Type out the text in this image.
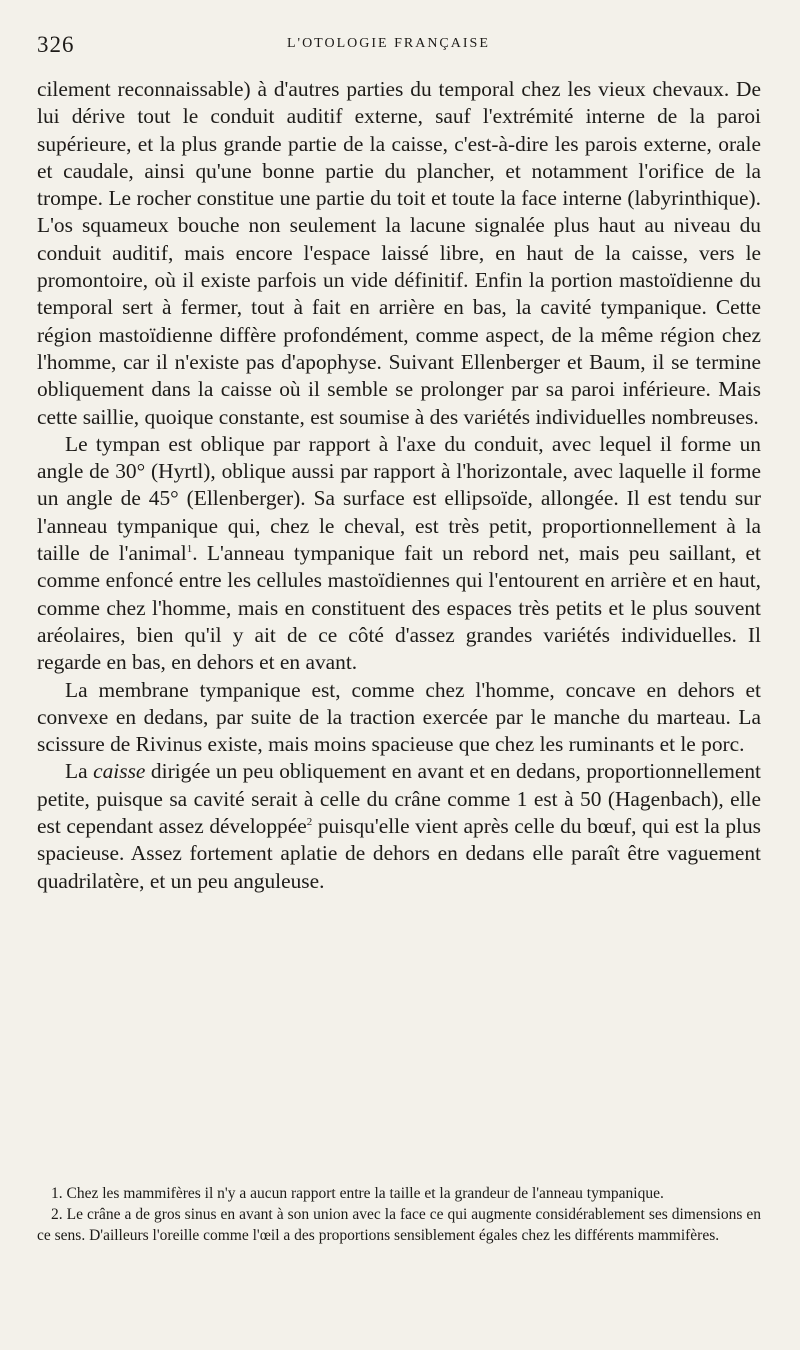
326	L'OTOLOGIE FRANÇAISE

cilement reconnaissable) à d'autres parties du temporal chez les vieux chevaux. De lui dérive tout le conduit auditif externe, sauf l'extrémité interne de la paroi supérieure, et la plus grande partie de la caisse, c'est-à-dire les parois externe, orale et caudale, ainsi qu'une bonne partie du plancher, et notamment l'orifice de la trompe. Le rocher constitue une partie du toit et toute la face interne (labyrinthique). L'os squameux bouche non seulement la lacune signalée plus haut au niveau du conduit auditif, mais encore l'espace laissé libre, en haut de la caisse, vers le promontoire, où il existe parfois un vide définitif. Enfin la portion mastoïdienne du temporal sert à fermer, tout à fait en arrière en bas, la cavité tympanique. Cette région mastoïdienne diffère profondément, comme aspect, de la même région chez l'homme, car il n'existe pas d'apophyse. Suivant Ellenberger et Baum, il se termine obliquement dans la caisse où il semble se prolonger par sa paroi inférieure. Mais cette saillie, quoique constante, est soumise à des variétés individuelles nombreuses.

Le tympan est oblique par rapport à l'axe du conduit, avec lequel il forme un angle de 30° (Hyrtl), oblique aussi par rapport à l'horizontale, avec laquelle il forme un angle de 45° (Ellenberger). Sa surface est ellipsoïde, allongée. Il est tendu sur l'anneau tympanique qui, chez le cheval, est très petit, proportionnellement à la taille de l'animal$^1$. L'anneau tympanique fait un rebord net, mais peu saillant, et comme enfoncé entre les cellules mastoïdiennes qui l'entourent en arrière et en haut, comme chez l'homme, mais en constituent des espaces très petits et le plus souvent aréolaires, bien qu'il y ait de ce côté d'assez grandes variétés individuelles. Il regarde en bas, en dehors et en avant.

La membrane tympanique est, comme chez l'homme, concave en dehors et convexe en dedans, par suite de la traction exercée par le manche du marteau. La scissure de Rivinus existe, mais moins spacieuse que chez les ruminants et le porc.

La caisse dirigée un peu obliquement en avant et en dedans, proportionnellement petite, puisque sa cavité serait à celle du crâne comme 1 est à 50 (Hagenbach), elle est cependant assez développée$^2$ puisqu'elle vient après celle du bœuf, qui est la plus spacieuse. Assez fortement aplatie de dehors en dedans elle paraît être vaguement quadrilatère, et un peu anguleuse.

1. Chez les mammifères il n'y a aucun rapport entre la taille et la grandeur de l'anneau tympanique.

2. Le crâne a de gros sinus en avant à son union avec la face ce qui augmente considérablement ses dimensions en ce sens. D'ailleurs l'oreille comme l'œil a des proportions sensiblement égales chez les différents mammifères.
